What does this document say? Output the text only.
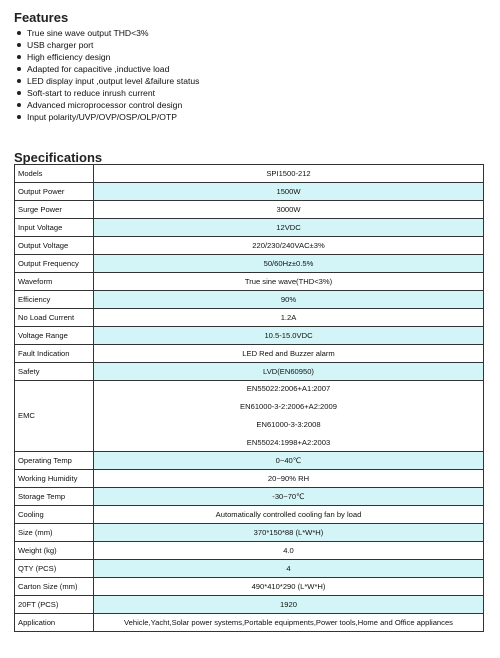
Features
True sine wave output THD<3%
USB charger port
High efficiency design
Adapted for capacitive ,inductive load
LED display input ,output level &failure status
Soft-start to reduce inrush current
Advanced microprocessor control design
Input polarity/UVP/OVP/OSP/OLP/OTP
Specifications
Models	SPI1500-212
Output Power	1500W
Surge Power	3000W
Input Voltage	12VDC
Output Voltage	220/230/240VAC±3%
Output Frequency	50/60Hz±0.5%
Waveform	True sine wave(THD<3%)
Efficiency	90%
No Load Current	1.2A
Voltage Range	10.5-15.0VDC
Fault Indication	LED Red and Buzzer alarm
Safety	LVD(EN60950)
EMC	EN55022:2006+A1:2007
EN61000-3-2:2006+A2:2009
EN61000-3-3:2008
EN55024:1998+A2:2003

Operating Temp	0~40℃
Working Humidity	20~90% RH
Storage Temp	-30~70℃
Cooling	Automatically controlled cooling fan by load
Size (mm)	370*150*88 (L*W*H)
Weight (kg)	4.0
QTY (PCS)	4
Carton Size (mm)	490*410*290 (L*W*H)
20FT (PCS)	1920
Application	Vehicle,Yacht,Solar power systems,Portable equipments,Power tools,Home and Office appliances
